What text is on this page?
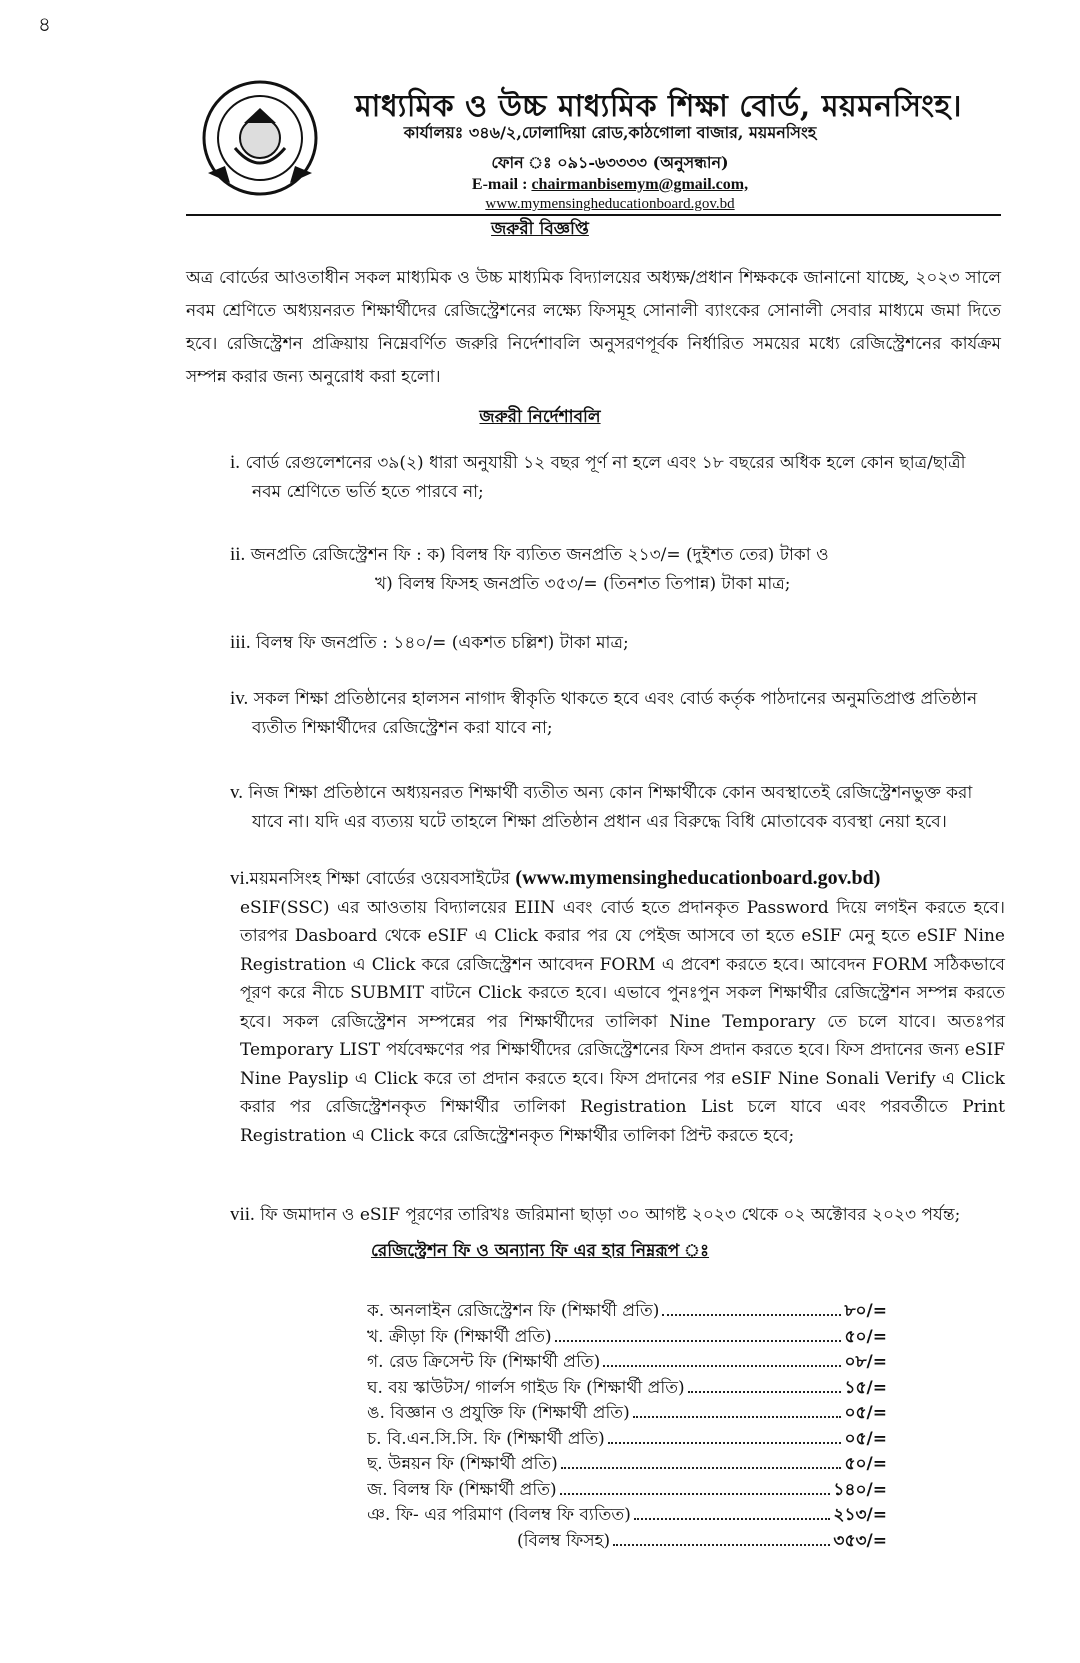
৪
মাধ্যমিক ও উচ্চ মাধ্যমিক শিক্ষা বোর্ড, ময়মনসিংহ।
কার্যালয়ঃ ৩৪৬/২,ঢোলাদিয়া রোড,কাঠগোলা বাজার, ময়মনসিংহ
ফোন ঃ ০৯১-৬৩৩৩৩ (অনুসন্ধান)
E-mail : chairmanbisemym@gmail.com,
www.mymensingheducationboard.gov.bd
জরুরী বিজ্ঞপ্তি
অত্র বোর্ডের আওতাধীন সকল মাধ্যমিক ও উচ্চ মাধ্যমিক বিদ্যালয়ের অধ্যক্ষ/প্রধান শিক্ষককে জানানো যাচ্ছে, ২০২৩ সালে নবম শ্রেণিতে অধ্যয়নরত শিক্ষার্থীদের রেজিস্ট্রেশনের লক্ষ্যে ফিসমূহ সোনালী ব্যাংকের সোনালী সেবার মাধ্যমে জমা দিতে হবে। রেজিস্ট্রেশন প্রক্রিয়ায় নিম্নেবর্ণিত জরুরি নির্দেশাবলি অনুসরণপূর্বক নির্ধারিত সময়ের মধ্যে রেজিস্ট্রেশনের কার্যক্রম সম্পন্ন করার জন্য অনুরোধ করা হলো।
জরুরী নির্দেশাবলি
i. বোর্ড রেগুলেশনের ৩৯(২) ধারা অনুযায়ী ১২ বছর পূর্ণ না হলে এবং ১৮ বছরের অধিক হলে কোন ছাত্র/ছাত্রী
নবম শ্রেণিতে ভর্তি হতে পারবে না;
ii. জনপ্রতি রেজিস্ট্রেশন ফি : ক) বিলম্ব ফি ব্যতিত জনপ্রতি ২১৩/= (দুইশত তের) টাকা ও
খ) বিলম্ব ফিসহ জনপ্রতি ৩৫৩/= (তিনশত তিপান্ন) টাকা মাত্র;
iii. বিলম্ব ফি জনপ্রতি : ১৪০/= (একশত চল্লিশ) টাকা মাত্র;
iv. সকল শিক্ষা প্রতিষ্ঠানের হালসন নাগাদ স্বীকৃতি থাকতে হবে এবং বোর্ড কর্তৃক পাঠদানের অনুমতিপ্রাপ্ত প্রতিষ্ঠান
ব্যতীত শিক্ষার্থীদের রেজিস্ট্রেশন করা যাবে না;
v. নিজ শিক্ষা প্রতিষ্ঠানে অধ্যয়নরত শিক্ষার্থী ব্যতীত অন্য কোন শিক্ষার্থীকে কোন অবস্থাতেই রেজিস্ট্রেশনভুক্ত করা
যাবে না। যদি এর ব্যত্যয় ঘটে তাহলে শিক্ষা প্রতিষ্ঠান প্রধান এর বিরুদ্ধে বিধি মোতাবেক ব্যবস্থা নেয়া হবে।
vi.ময়মনসিংহ শিক্ষা বোর্ডের ওয়েবসাইটের (www.mymensingheducationboard.gov.bd)
eSIF(SSC) এর আওতায় বিদ্যালয়ের EIIN এবং বোর্ড হতে প্রদানকৃত Password দিয়ে লগইন করতে হবে। তারপর Dasboard থেকে eSIF এ Click করার পর যে পেইজ আসবে তা হতে eSIF মেনু হতে eSIF Nine Registration এ Click করে রেজিস্ট্রেশন আবেদন FORM এ প্রবেশ করতে হবে। আবেদন FORM সঠিকভাবে পূরণ করে নীচে SUBMIT বাটনে Click করতে হবে। এভাবে পুনঃপুন সকল শিক্ষার্থীর রেজিস্ট্রেশন সম্পন্ন করতে হবে। সকল রেজিস্ট্রেশন সম্পন্নের পর শিক্ষার্থীদের তালিকা Nine Temporary তে চলে যাবে। অতঃপর Temporary LIST পর্যবেক্ষণের পর শিক্ষার্থীদের রেজিস্ট্রেশনের ফিস প্রদান করতে হবে। ফিস প্রদানের জন্য eSIF Nine Payslip এ Click করে তা প্রদান করতে হবে। ফিস প্রদানের পর eSIF Nine Sonali Verify এ Click করার পর রেজিস্ট্রেশনকৃত শিক্ষার্থীর তালিকা Registration List চলে যাবে এবং পরবর্তীতে Print Registration এ Click করে রেজিস্ট্রেশনকৃত শিক্ষার্থীর তালিকা প্রিন্ট করতে হবে;
vii. ফি জমাদান ও eSIF পূরণের তারিখঃ জরিমানা ছাড়া ৩০ আগষ্ট ২০২৩ থেকে ০২ অক্টোবর ২০২৩ পর্যন্ত;
রেজিস্ট্রেশন ফি ও অন্যান্য ফি এর হার নিম্নরূপ ঃ
ক. অনলাইন রেজিস্ট্রেশন ফি (শিক্ষার্থী প্রতি)	৮০/=
খ. ক্রীড়া ফি (শিক্ষার্থী প্রতি)	৫০/=
গ. রেড ক্রিসেন্ট ফি (শিক্ষার্থী প্রতি)	০৮/=
ঘ. বয় স্কাউটস/ গার্লস গাইড ফি (শিক্ষার্থী প্রতি)	১৫/=
ঙ. বিজ্ঞান ও প্রযুক্তি ফি (শিক্ষার্থী প্রতি)	০৫/=
চ. বি.এন.সি.সি. ফি (শিক্ষার্থী প্রতি)	০৫/=
ছ. উন্নয়ন ফি (শিক্ষার্থী প্রতি)	৫০/=
জ. বিলম্ব ফি (শিক্ষার্থী প্রতি)	১৪০/=
ঞ. ফি- এর পরিমাণ (বিলম্ব ফি ব্যতিত)	২১৩/=
(বিলম্ব ফিসহ)	৩৫৩/=
